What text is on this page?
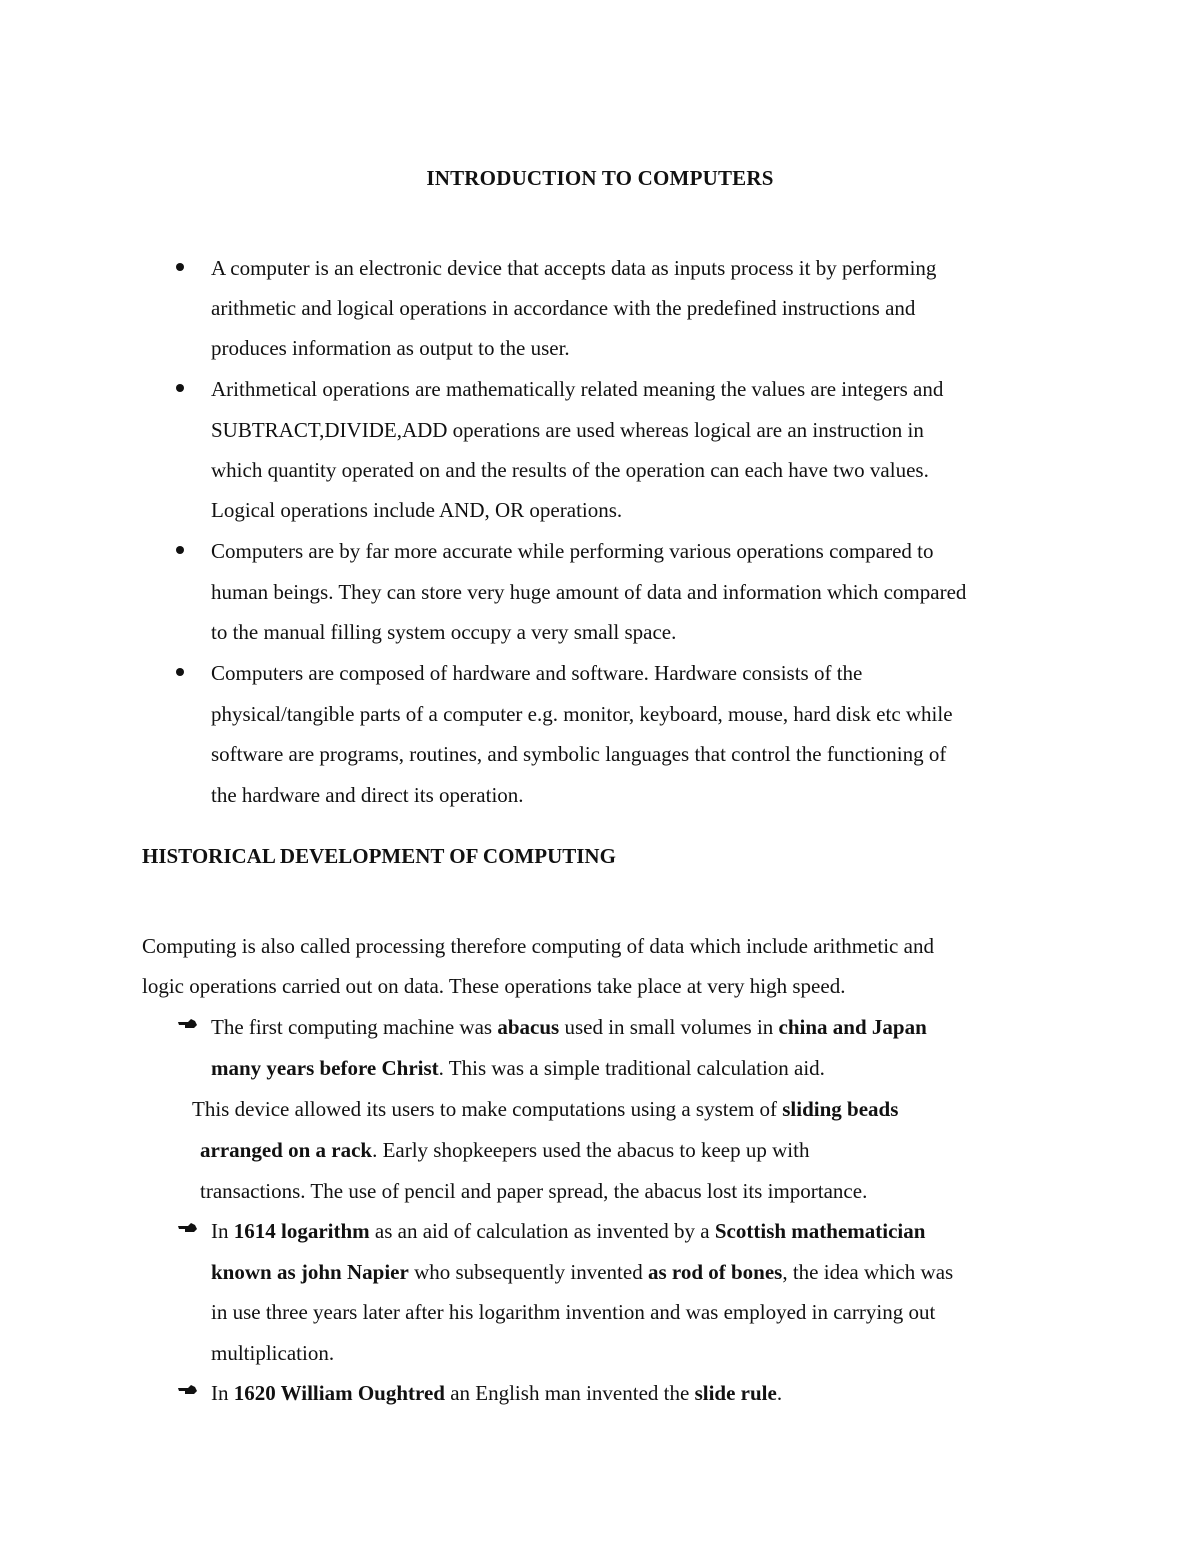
INTRODUCTION TO COMPUTERS
A computer is an electronic device that accepts data as inputs process it by performing
arithmetic and logical operations in accordance with the predefined instructions and
produces information as output to the user.
Arithmetical operations are mathematically related meaning the values are integers and
SUBTRACT,DIVIDE,ADD operations are used whereas logical are an instruction in
which quantity operated on and the results of the operation can each have two values.
Logical operations include AND, OR operations.
Computers are by far more accurate while performing various operations compared to
human beings. They can store very huge amount of data and information which compared
to the manual filling system occupy a very small space.
Computers are composed of hardware and software. Hardware consists of the
physical/tangible parts of a computer e.g. monitor, keyboard, mouse, hard disk etc while
software are programs, routines, and symbolic languages that control the functioning of
the hardware and direct its operation.
HISTORICAL DEVELOPMENT OF COMPUTING
Computing is also called processing therefore computing of data which include arithmetic and
logic operations carried out on data. These operations take place at very high speed.
The first computing machine was abacus used in small volumes in china and Japan
many years before Christ. This was a simple traditional calculation aid.
This device allowed its users to make computations using a system of sliding beads
arranged on a rack. Early shopkeepers used the abacus to keep up with
transactions. The use of pencil and paper spread, the abacus lost its importance.
In 1614 logarithm as an aid of calculation as invented by a Scottish mathematician
known as john Napier who subsequently invented as rod of bones, the idea which was
in use three years later after his logarithm invention and was employed in carrying out
multiplication.
In 1620 William Oughtred an English man invented the slide rule.
